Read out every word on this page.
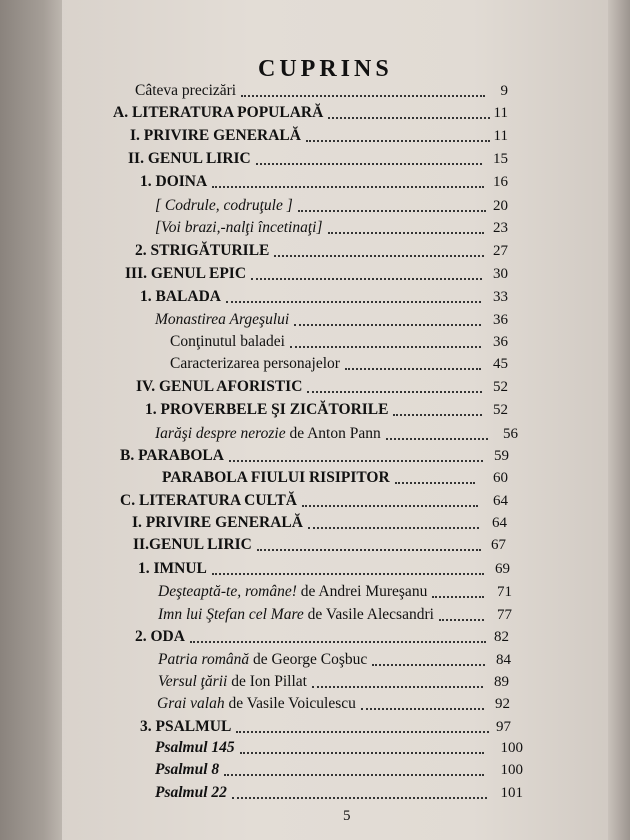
CUPRINS
Câteva precizări	9
A. LITERATURA POPULARĂ	11
I. PRIVIRE GENERALĂ	11
II. GENUL LIRIC	15
1. DOINA	16
[ Codrule, codruţule ]	20
[Voi brazi,-nalţi încetinaţi]	23
2. STRIGĂTURILE	27
III. GENUL EPIC	30
1. BALADA	33
Monastirea Argeşului	36
Conţinutul baladei	36
Caracterizarea personajelor	45
IV. GENUL AFORISTIC	52
1. PROVERBELE ŞI ZICĂTORILE	52
Iarăşi despre nerozie de Anton Pann	56
B. PARABOLA	59
PARABOLA FIULUI RISIPITOR	60
C. LITERATURA CULTĂ	64
I. PRIVIRE GENERALĂ	64
II.GENUL LIRIC	67
1. IMNUL	69
Deşteaptă-te, române! de Andrei Mureşanu	71
Imn lui Ştefan cel Mare de Vasile Alecsandri	77
2. ODA	82
Patria română de George Coşbuc	84
Versul ţării de Ion Pillat	89
Grai valah de Vasile Voiculescu	92
3. PSALMUL	97
Psalmul 145	100
Psalmul 8	100
Psalmul 22	101
5
